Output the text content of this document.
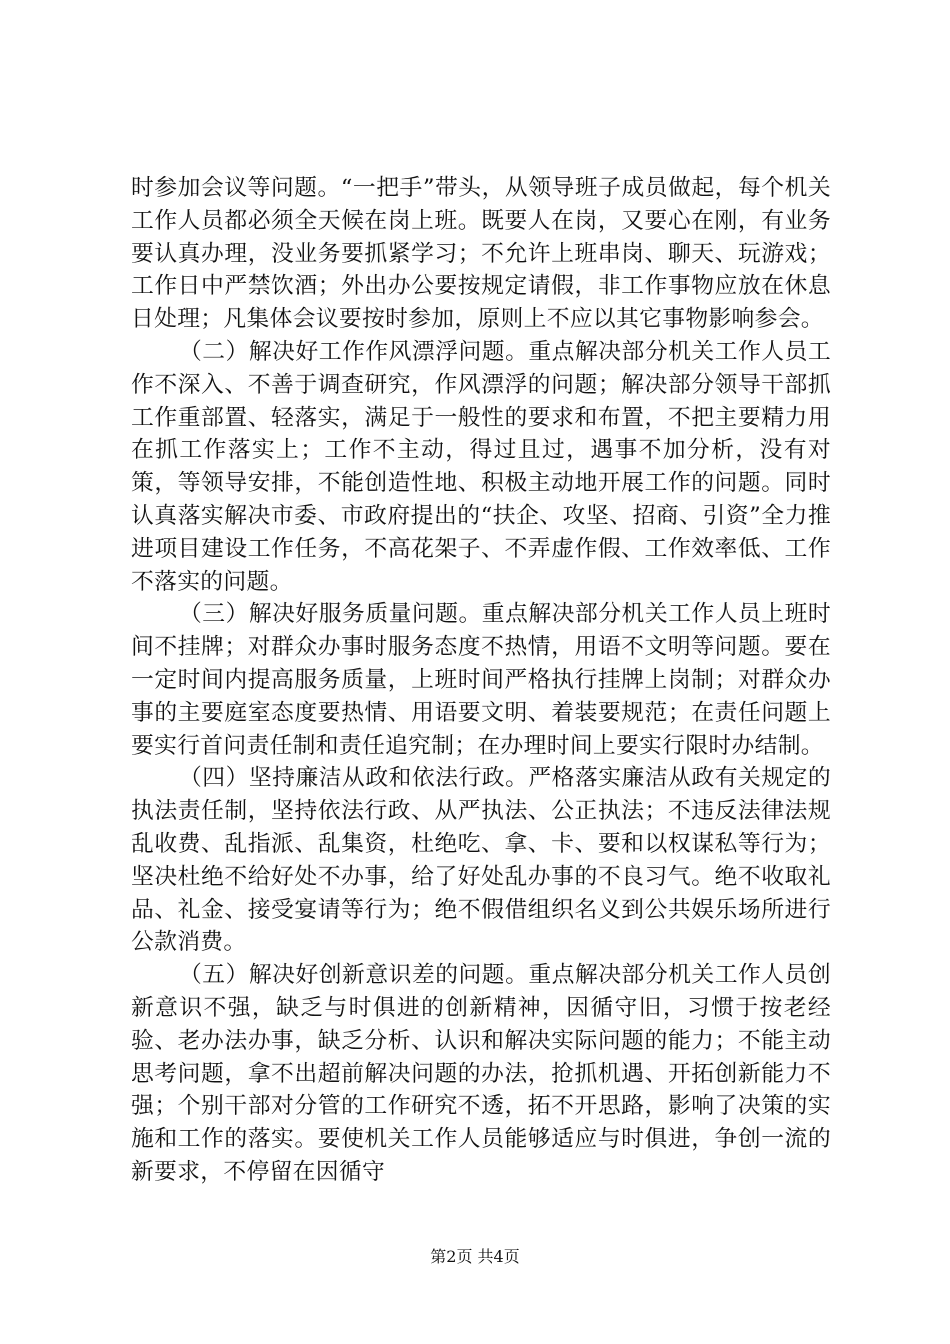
时参加会议等问题。“一把手”带头，从领导班子成员做起，每个机关工作人员都必须全天候在岗上班。既要人在岗，又要心在刚，有业务要认真办理，没业务要抓紧学习；不允许上班串岗、聊天、玩游戏；工作日中严禁饮酒；外出办公要按规定请假，非工作事物应放在休息日处理；凡集体会议要按时参加，原则上不应以其它事物影响参会。

（二）解决好工作作风漂浮问题。重点解决部分机关工作人员工作不深入、不善于调查研究，作风漂浮的问题；解决部分领导干部抓工作重部置、轻落实，满足于一般性的要求和布置，不把主要精力用在抓工作落实上；工作不主动，得过且过，遇事不加分析，没有对策，等领导安排，不能创造性地、积极主动地开展工作的问题。同时认真落实解决市委、市政府提出的“扶企、攻坚、招商、引资”全力推进项目建设工作任务，不高花架子、不弄虚作假、工作效率低、工作不落实的问题。

（三）解决好服务质量问题。重点解决部分机关工作人员上班时间不挂牌；对群众办事时服务态度不热情，用语不文明等问题。要在一定时间内提高服务质量，上班时间严格执行挂牌上岗制；对群众办事的主要庭室态度要热情、用语要文明、着装要规范；在责任问题上要实行首问责任制和责任追究制；在办理时间上要实行限时办结制。

（四）坚持廉洁从政和依法行政。严格落实廉洁从政有关规定的执法责任制，坚持依法行政、从严执法、公正执法；不违反法律法规乱收费、乱指派、乱集资，杜绝吃、拿、卡、要和以权谋私等行为；坚决杜绝不给好处不办事，给了好处乱办事的不良习气。绝不收取礼品、礼金、接受宴请等行为；绝不假借组织名义到公共娱乐场所进行公款消费。

（五）解决好创新意识差的问题。重点解决部分机关工作人员创新意识不强，缺乏与时俱进的创新精神，因循守旧，习惯于按老经验、老办法办事，缺乏分析、认识和解决实际问题的能力；不能主动思考问题，拿不出超前解决问题的办法，抢抓机遇、开拓创新能力不强；个别干部对分管的工作研究不透，拓不开思路，影响了决策的实施和工作的落实。要使机关工作人员能够适应与时俱进，争创一流的新要求，不停留在因循守

第2页 共4页
